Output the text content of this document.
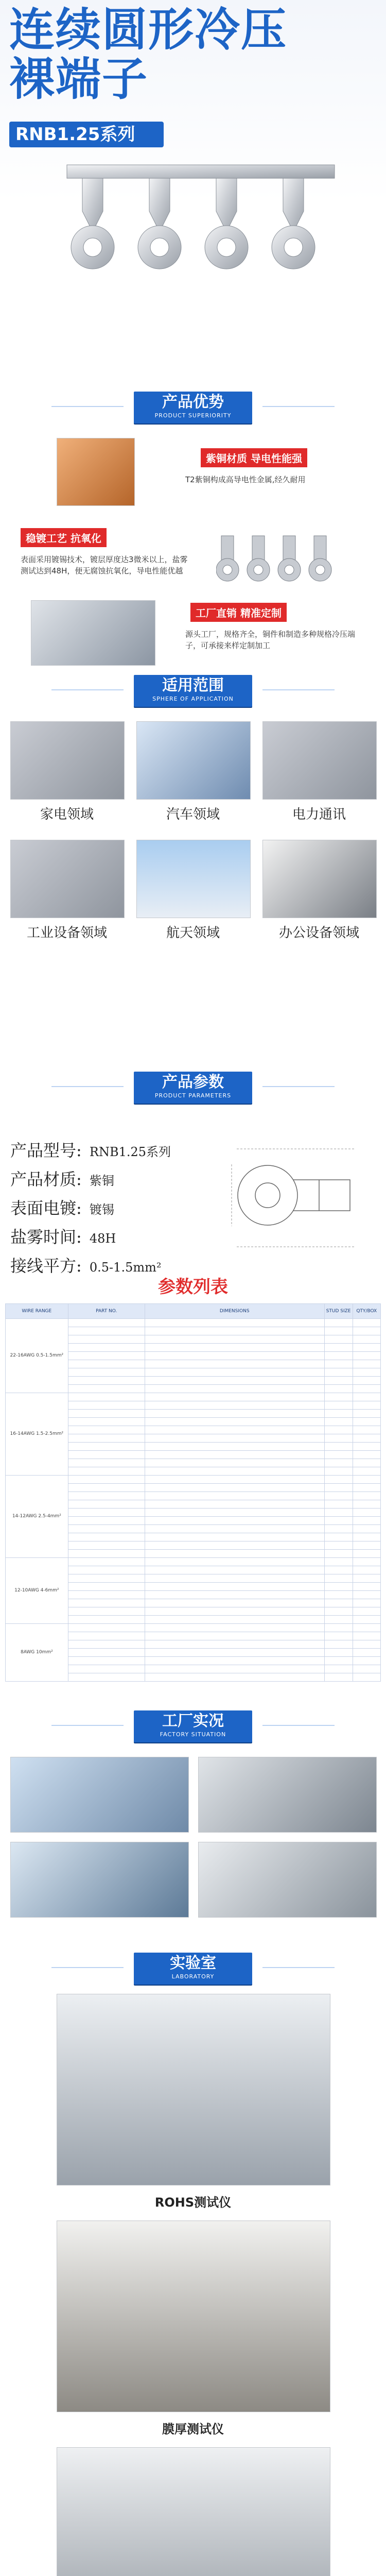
连续圆形冷压
裸端子
RNB1.25系列
产品优势
PRODUCT SUPERIORITY
紫铜材质 导电性能强
T2紫铜构成高导电性金属,经久耐用
稳镀工艺 抗氧化
表面采用镀锡技术，镀层厚度达3微米以上，盐雾测试达到48H，便无腐蚀抗氧化，导电性能优越
工厂直销 精准定制
源头工厂，规格齐全，铜件和制造多种规格冷压端子，可承接来样定制加工
适用范围
SPHERE OF APPLICATION
家电领域	汽车领域	电力通讯
工业设备领域	航天领域	办公设备领域
产品参数
PRODUCT PARAMETERS
产品型号: RNB1.25系列
产品材质: 紫铜
表面电镀: 镀锡
盐雾时间: 48H
接线平方: 0.5-1.5mm²
参数列表
WIRE RANGE	PART NO.	DIMENSIONS	STUD SIZE	QTY/BOX
22-16AWG 0.5-1.5mm²				

16-14AWG 1.5-2.5mm²				

14-12AWG 2.5-4mm²				

12-10AWG 4-6mm²				

8AWG 10mm²				

工厂实况
FACTORY SITUATION
实验室
LABORATORY
ROHS测试仪
膜厚测试仪
